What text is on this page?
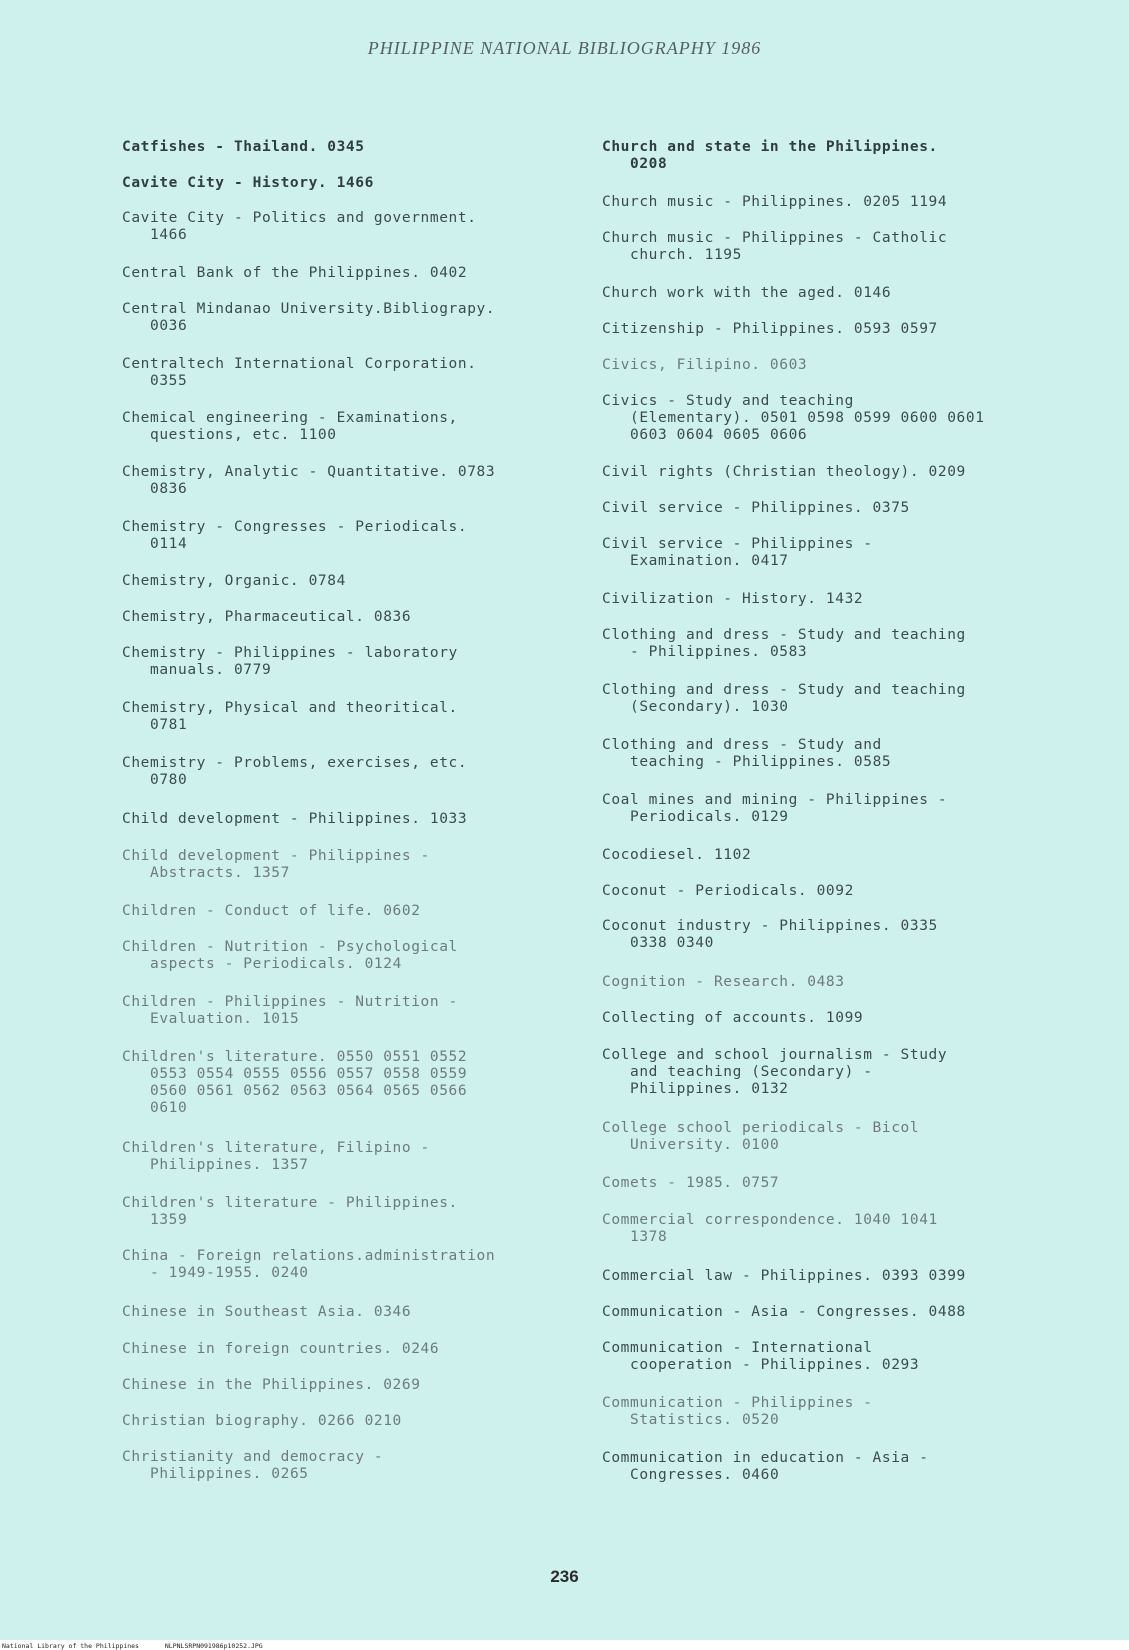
PHILIPPINE NATIONAL BIBLIOGRAPHY 1986
Catfishes - Thailand. 0345
Cavite City - History. 1466
Cavite City - Politics and government.
1466
Central Bank of the Philippines. 0402
Central Mindanao University.Bibliograpy.
0036
Centraltech International Corporation.
0355
Chemical engineering - Examinations,
questions, etc. 1100
Chemistry, Analytic - Quantitative. 0783
0836
Chemistry - Congresses - Periodicals.
0114
Chemistry, Organic. 0784
Chemistry, Pharmaceutical. 0836
Chemistry - Philippines - laboratory
manuals. 0779
Chemistry, Physical and theoritical.
0781
Chemistry - Problems, exercises, etc.
0780
Child development - Philippines. 1033
Child development - Philippines -
Abstracts. 1357
Children - Conduct of life. 0602
Children - Nutrition - Psychological
aspects - Periodicals. 0124
Children - Philippines - Nutrition -
Evaluation. 1015
Children's literature. 0550 0551 0552
0553 0554 0555 0556 0557 0558 0559
0560 0561 0562 0563 0564 0565 0566
0610
Children's literature, Filipino -
Philippines. 1357
Children's literature - Philippines.
1359
China - Foreign relations.administration
- 1949-1955. 0240
Chinese in Southeast Asia. 0346
Chinese in foreign countries. 0246
Chinese in the Philippines. 0269
Christian biography. 0266 0210
Christianity and democracy -
Philippines. 0265
Church and state in the Philippines.
0208
Church music - Philippines. 0205 1194
Church music - Philippines - Catholic
church. 1195
Church work with the aged. 0146
Citizenship - Philippines. 0593 0597
Civics, Filipino. 0603
Civics - Study and teaching
(Elementary). 0501 0598 0599 0600 0601
0603 0604 0605 0606
Civil rights (Christian theology). 0209
Civil service - Philippines. 0375
Civil service - Philippines -
Examination. 0417
Civilization - History. 1432
Clothing and dress - Study and teaching
- Philippines. 0583
Clothing and dress - Study and teaching
(Secondary). 1030
Clothing and dress - Study and
teaching - Philippines. 0585
Coal mines and mining - Philippines -
Periodicals. 0129
Cocodiesel. 1102
Coconut - Periodicals. 0092
Coconut industry - Philippines. 0335
0338 0340
Cognition - Research. 0483
Collecting of accounts. 1099
College and school journalism - Study
and teaching (Secondary) -
Philippines. 0132
College school periodicals - Bicol
University. 0100
Comets - 1985. 0757
Commercial correspondence. 1040 1041
1378
Commercial law - Philippines. 0393 0399
Communication - Asia - Congresses. 0488
Communication - International
cooperation - Philippines. 0293
Communication - Philippines -
Statistics. 0520
Communication in education - Asia -
Congresses. 0460
236
National Library of the Philippines	NLPNLSRPN091986p10252.JPG
